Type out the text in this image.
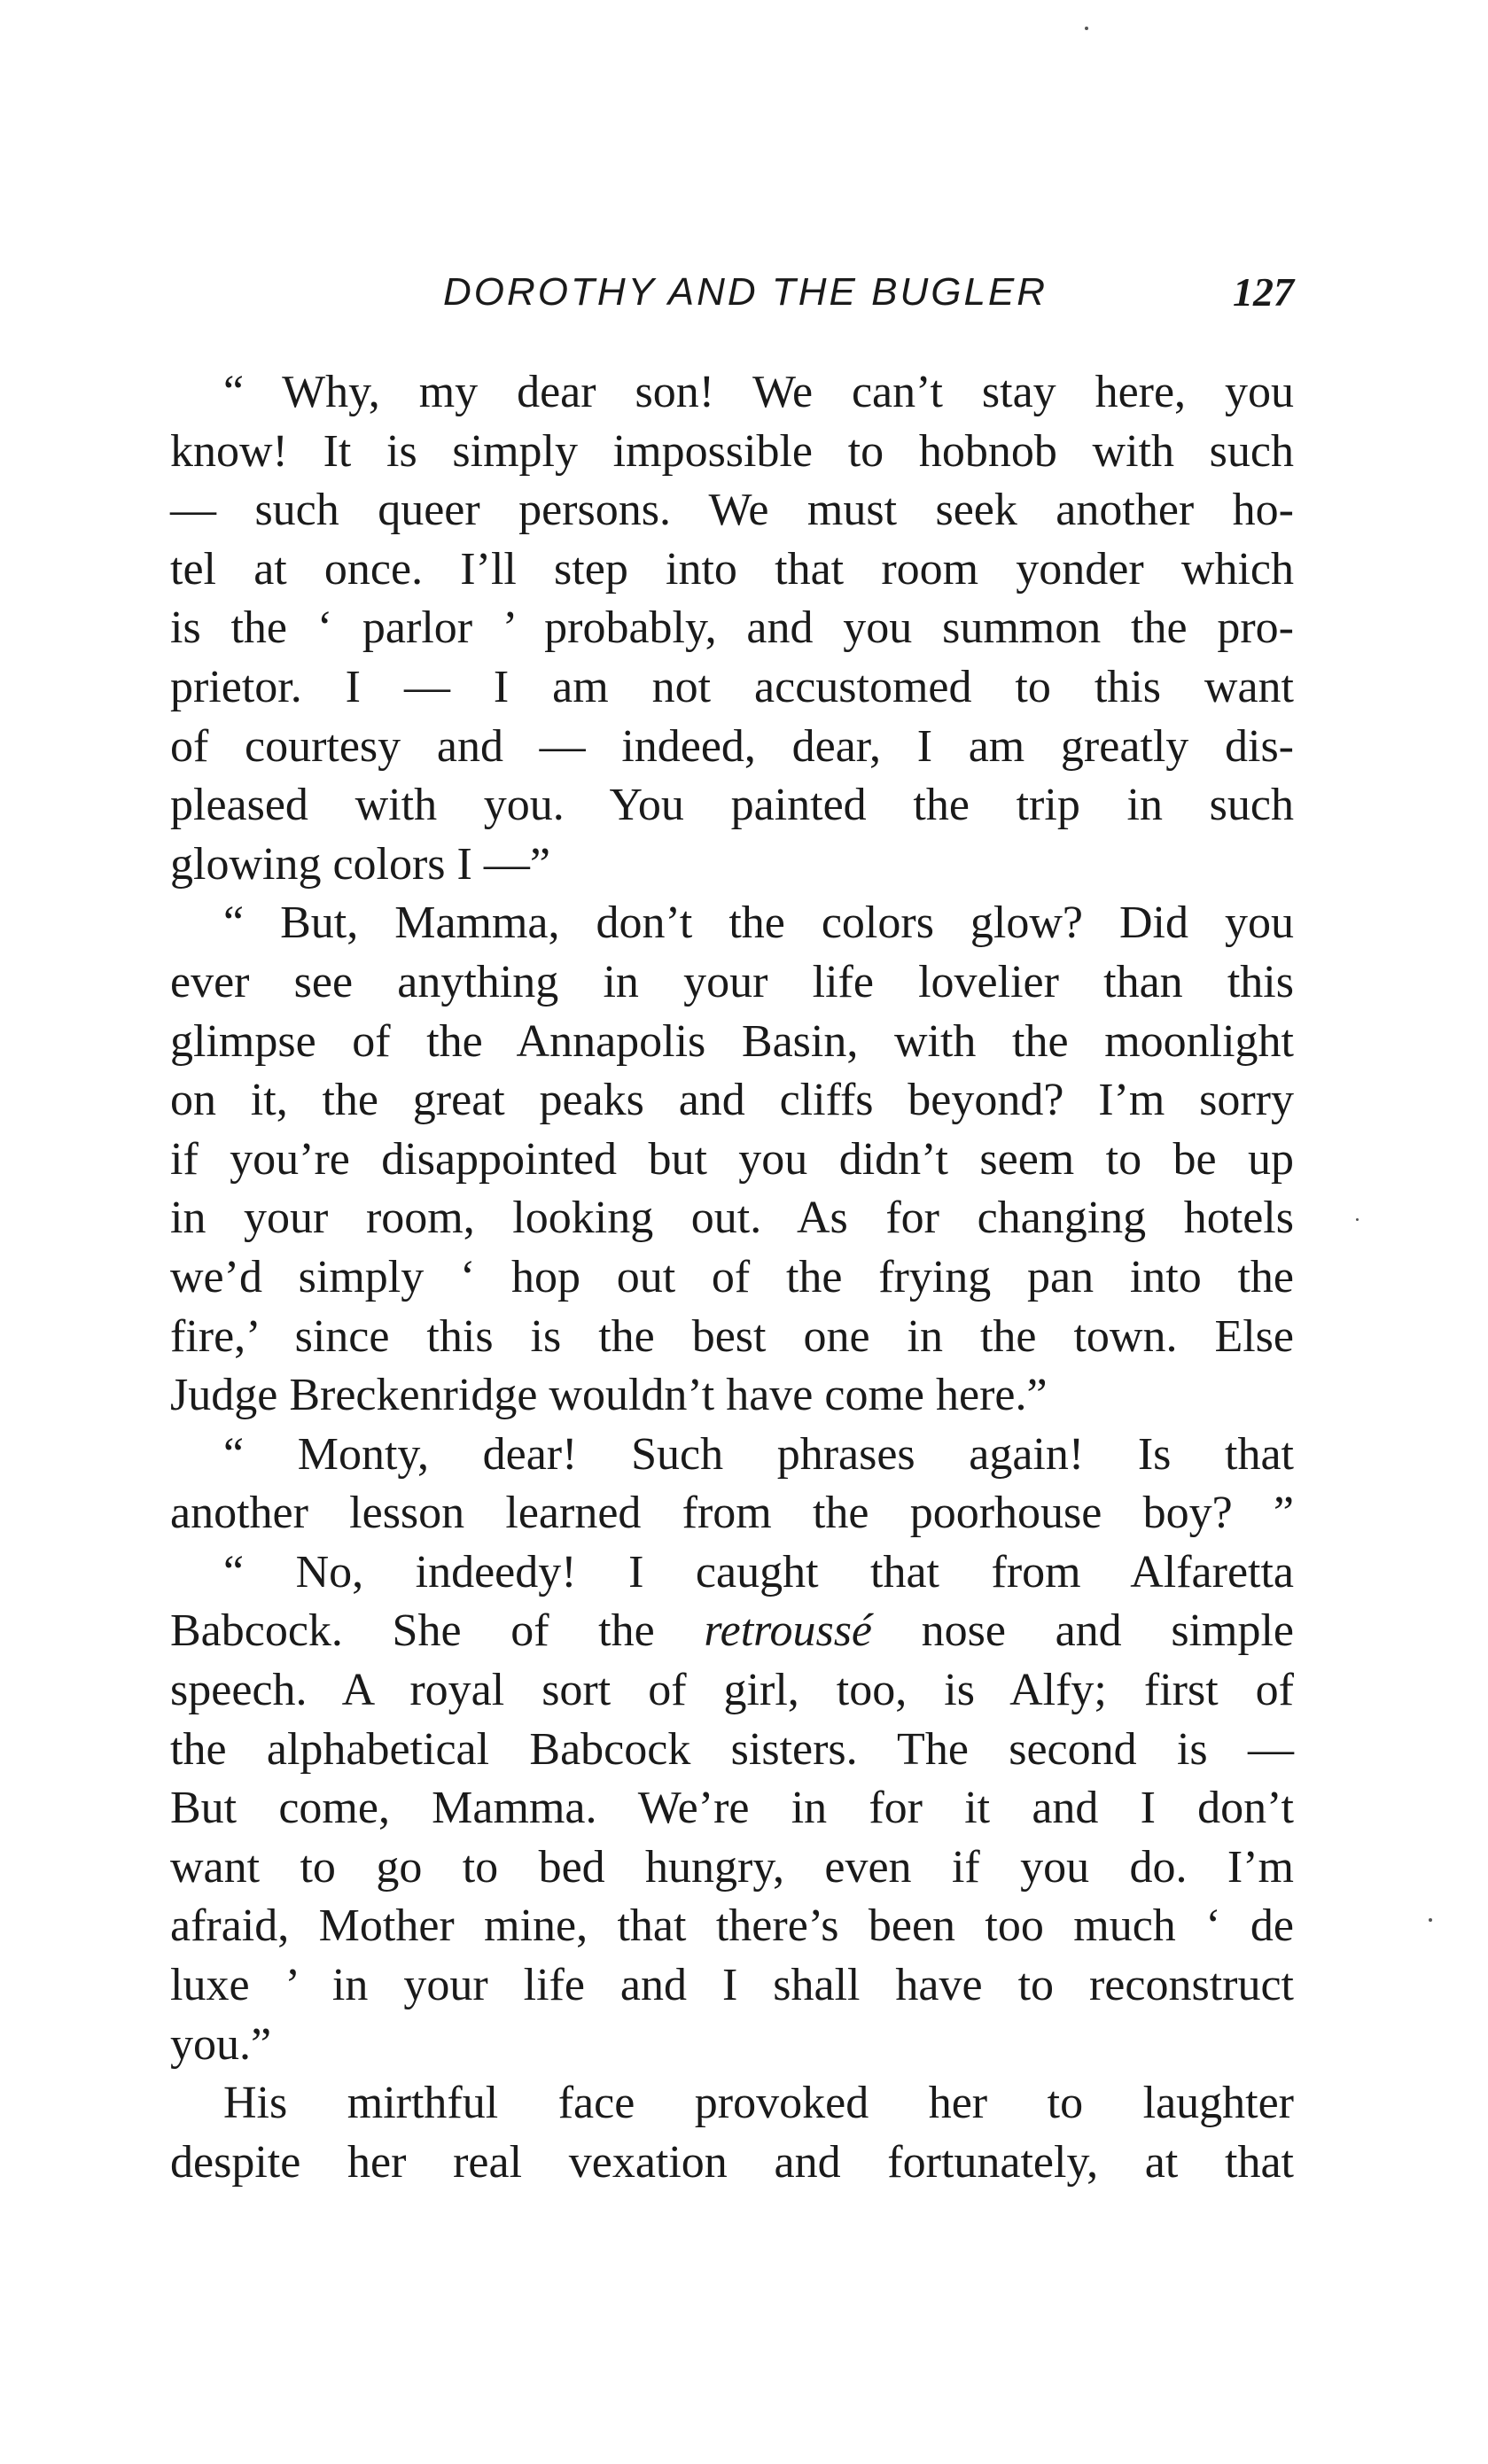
DOROTHY AND THE BUGLER	127
“ Why, my dear son! We can’t stay here, you
know! It is simply impossible to hobnob with such
— such queer persons. We must seek another ho-
tel at once. I’ll step into that room yonder which
is the ‘ parlor ’ probably, and you summon the pro-
prietor. I — I am not accustomed to this want
of courtesy and — indeed, dear, I am greatly dis-
pleased with you. You painted the trip in such
glowing colors I —”
“ But, Mamma, don’t the colors glow? Did you
ever see anything in your life lovelier than this
glimpse of the Annapolis Basin, with the moonlight
on it, the great peaks and cliffs beyond? I’m sorry
if you’re disappointed but you didn’t seem to be up
in your room, looking out. As for changing hotels
we’d simply ‘ hop out of the frying pan into the
fire,’ since this is the best one in the town. Else
Judge Breckenridge wouldn’t have come here.”
“ Monty, dear! Such phrases again! Is that
another lesson learned from the poorhouse boy? ”
“ No, indeedy! I caught that from Alfaretta
Babcock. She of the retroussé nose and simple
speech. A royal sort of girl, too, is Alfy; first of
the alphabetical Babcock sisters. The second is —
But come, Mamma. We’re in for it and I don’t
want to go to bed hungry, even if you do. I’m
afraid, Mother mine, that there’s been too much ‘ de
luxe ’ in your life and I shall have to reconstruct
you.”
His mirthful face provoked her to laughter
despite her real vexation and fortunately, at that
